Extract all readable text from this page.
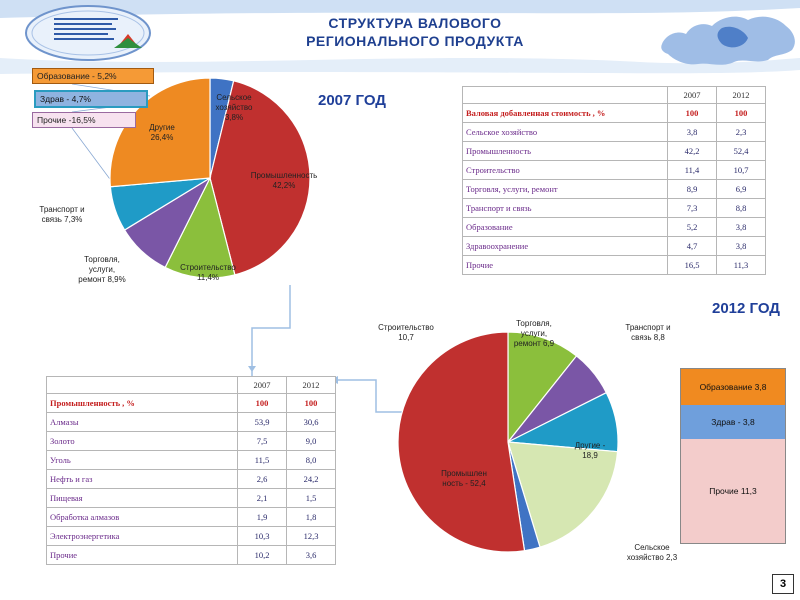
СТРУКТУРА ВАЛОВОГО
РЕГИОНАЛЬНОГО ПРОДУКТА
2007 ГОД
Сельское хозяйство 3,8%
Промышленность 42,2%
Строительство 11,4%
Торговля, услуги, ремонт 8,9%
Транспорт и связь 7,3%
Другие 26,4%
Образование - 5,2%
Здрав - 4,7%
Прочие -16,5%
2012 ГОД
Строительство 10,7
Торговля, услуги, ремонт 6,9
Транспорт и связь 8,8
Другие -18,9
Сельское хозяйство 2,3
Промышлен ность - 52,4
Образование 3,8
Здрав - 3,8
Прочие 11,3
	2007	2012
Валовая добавленная стоимость , %	100	100
Сельское хозяйство	3,8	2,3
Промышленность	42,2	52,4
Строительство	11,4	10,7
Торговля, услуги, ремонт	8,9	6,9
Транспорт и связь	7,3	8,8
Образование	5,2	3,8
Здравоохранение	4,7	3,8
Прочие	16,5	11,3
	2007	2012
Промышленность , %	100	100
Алмазы	53,9	30,6
Золото	7,5	9,0
Уголь	11,5	8,0
Нефть и газ	2,6	24,2
Пищевая	2,1	1,5
Обработка алмазов	1,9	1,8
Электроэнергетика	10,3	12,3
Прочие	10,2	3,6
3
